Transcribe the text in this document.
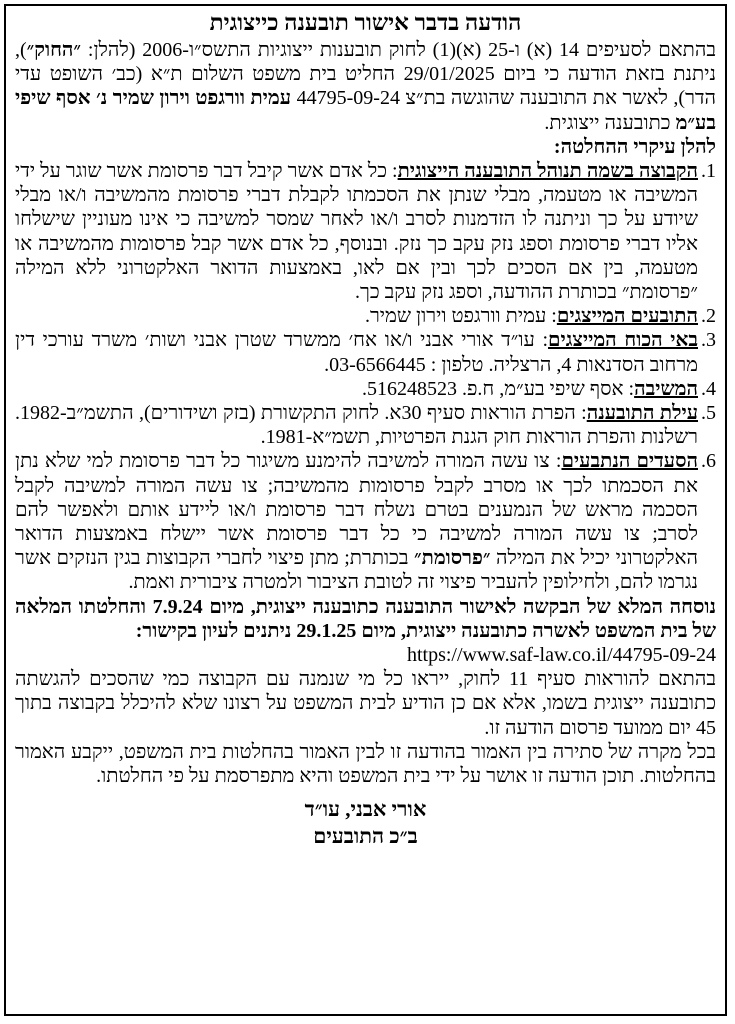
הודעה בדבר אישור תובענה כייצוגית

בהתאם לסעיפים 14 (א) ו-25 (א)(1) לחוק תובענות ייצוגיות התשס״ו-2006 (להלן: ״החוק״), ניתנת בזאת הודעה כי ביום 29/01/2025 החליט בית משפט השלום ת״א (כב׳ השופט עדי הדר), לאשר את התובענה שהוגשה בת״צ 44795-09-24 עמית וורגפט וירון שמיר נ׳ אסף שיפי בע״מ כתובענה ייצוגית.

להלן עיקרי ההחלטה:

1.

הקבוצה בשמה תנוהל התובענה הייצוגית: כל אדם אשר קיבל דבר פרסומת אשר שוגר על ידי המשיבה או מטעמה, מבלי שנתן את הסכמתו לקבלת דברי פרסומת מהמשיבה ו/או מבלי שיודע על כך וניתנה לו הזדמנות לסרב ו/או לאחר שמסר למשיבה כי אינו מעוניין שישלחו אליו דברי פרסומת וספג נזק עקב כך נזק. ובנוסף, כל אדם אשר קבל פרסומות מהמשיבה או מטעמה, בין אם הסכים לכך ובין אם לאו, באמצעות הדואר האלקטרוני ללא המילה ״פרסומת״ בכותרת ההודעה, וספג נזק עקב כך.

2.

התובעים המייצגים: עמית וורגפט וירון שמיר.

3.

באי הכוח המייצגים: עו״ד אורי אבני ו/או אח׳ ממשרד שטרן אבני ושות׳ משרד עורכי דין מרחוב הסדנאות 4, הרצליה. טלפון : 03-6566445.

4.

המשיבה: אסף שיפי בע״מ, ח.פ. 516248523.

5.

עילת התובענה: הפרת הוראות סעיף 30א. לחוק התקשורת (בזק ושידורים), התשמ״ב-1982. רשלנות והפרת הוראות חוק הגנת הפרטיות, תשמ״א-1981.

6.

הסעדים הנתבעים: צו עשה המורה למשיבה להימנע משיגור כל דבר פרסומת למי שלא נתן את הסכמתו לכך או מסרב לקבל פרסומות מהמשיבה; צו עשה המורה למשיבה לקבל הסכמה מראש של הנמענים בטרם נשלח דבר פרסומת ו/או ליידע אותם ולאפשר להם לסרב; צו עשה המורה למשיבה כי כל דבר פרסומת אשר יישלח באמצעות הדואר האלקטרוני יכיל את המילה ״פרסומת״ בכותרת; מתן פיצוי לחברי הקבוצות בגין הנזקים אשר נגרמו להם, ולחילופין להעביר פיצוי זה לטובת הציבור ולמטרה ציבורית ואמת.

נוסחה המלא של הבקשה לאישור התובענה כתובענה ייצוגית, מיום 7.9.24 והחלטתו המלאה של בית המשפט לאשרה כתובענה ייצוגית, מיום 29.1.25 ניתנים לעיון בקישור:

https://www.saf-law.co.il/44795-09-24

בהתאם להוראות סעיף 11 לחוק, ייראו כל מי שנמנה עם הקבוצה כמי שהסכים להגשתה כתובענה ייצוגית בשמו, אלא אם כן הודיע לבית המשפט על רצונו שלא להיכלל בקבוצה בתוך 45 יום ממועד פרסום הודעה זו.

בכל מקרה של סתירה בין האמור בהודעה זו לבין האמור בהחלטות בית המשפט, ייקבע האמור בהחלטות. תוכן הודעה זו אושר על ידי בית המשפט והיא מתפרסמת על פי החלטתו.

אורי אבני, עו״ד
ב״כ התובעים
